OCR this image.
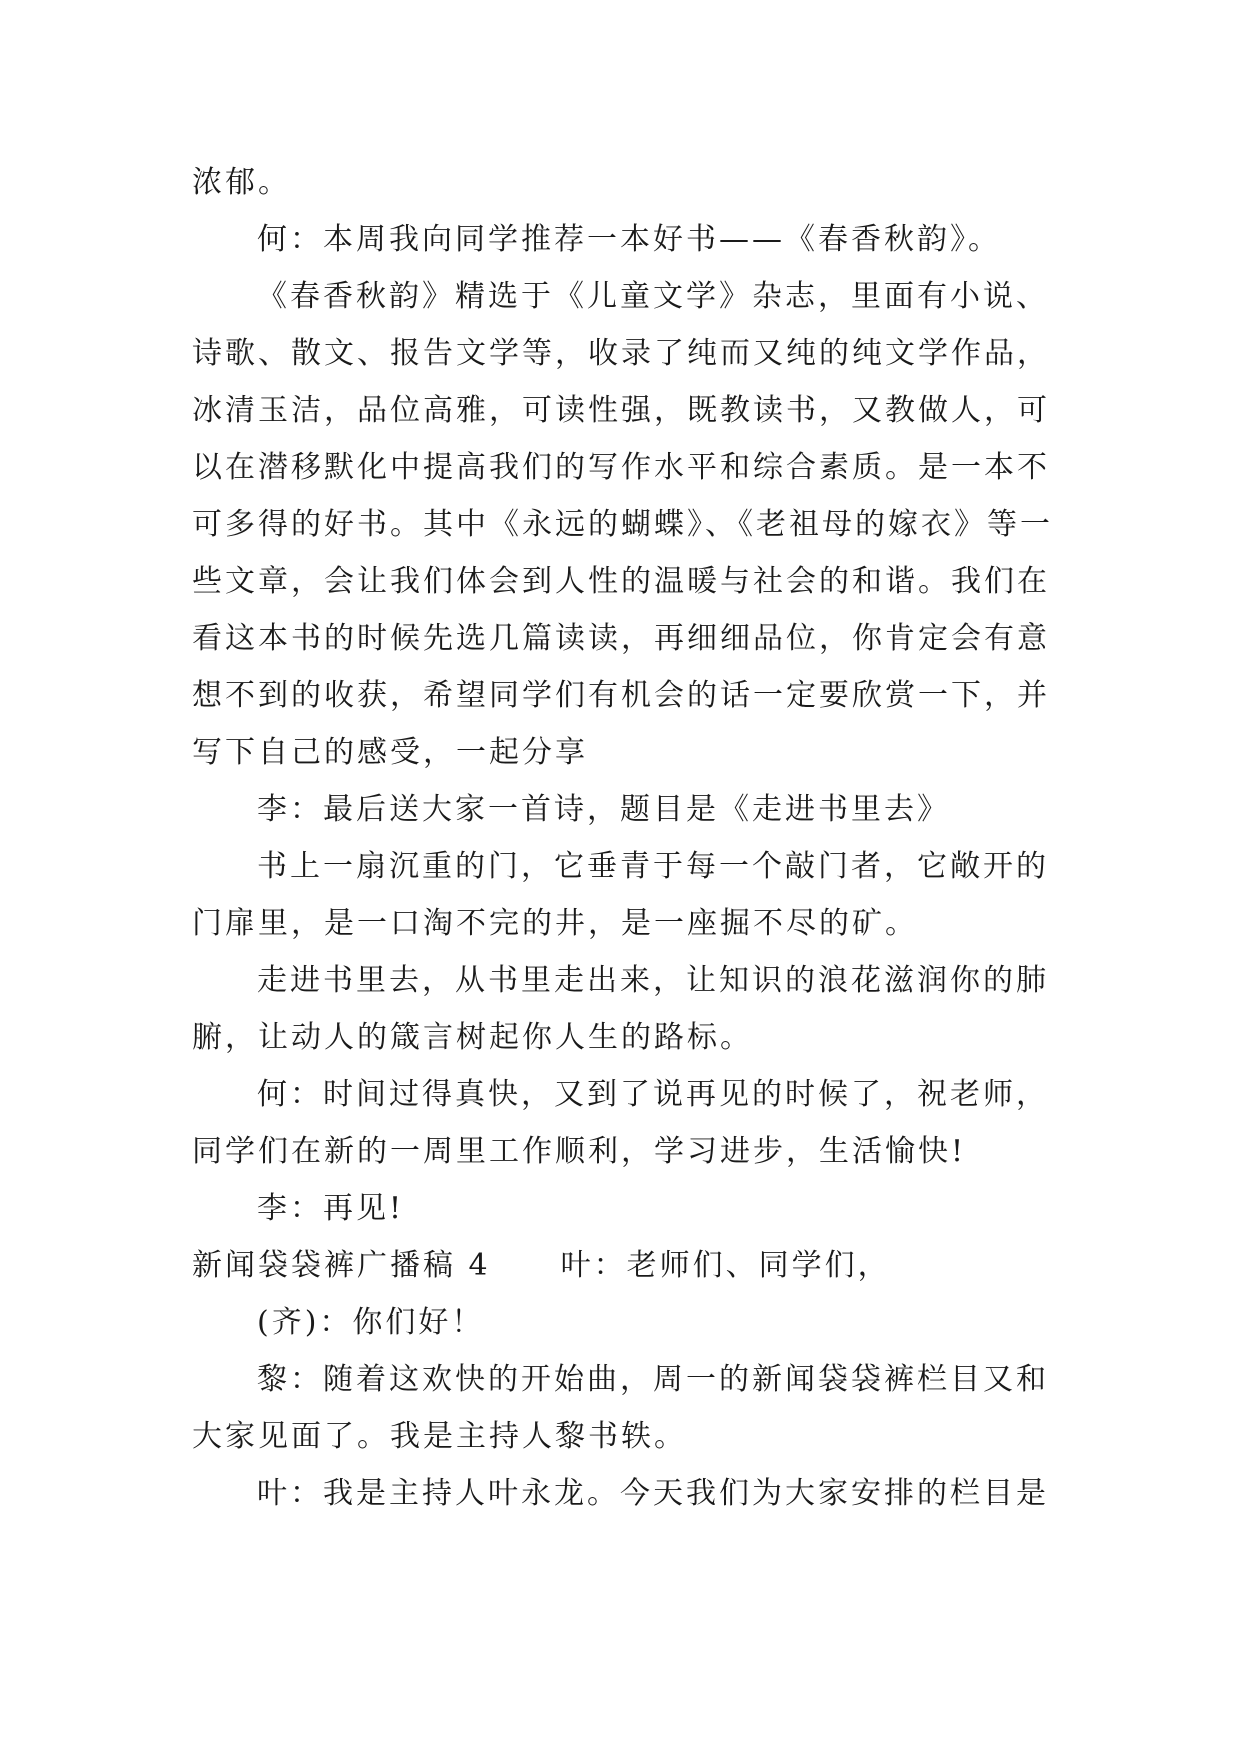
浓郁。
何：本周我向同学推荐一本好书——《春香秋韵》。
《春香秋韵》精选于《儿童文学》杂志，里面有小说、
诗歌、散文、报告文学等，收录了纯而又纯的纯文学作品，
冰清玉洁，品位高雅，可读性强，既教读书，又教做人，可
以在潜移默化中提高我们的写作水平和综合素质。是一本不
可多得的好书。其中《永远的蝴蝶》、《老祖母的嫁衣》等一
些文章，会让我们体会到人性的温暖与社会的和谐。我们在
看这本书的时候先选几篇读读，再细细品位，你肯定会有意
想不到的收获，希望同学们有机会的话一定要欣赏一下，并
写下自己的感受，一起分享
李：最后送大家一首诗，题目是《走进书里去》
书上一扇沉重的门，它垂青于每一个敲门者，它敞开的
门扉里，是一口淘不完的井，是一座掘不尽的矿。
走进书里去，从书里走出来，让知识的浪花滋润你的肺
腑，让动人的箴言树起你人生的路标。
何：时间过得真快，又到了说再见的时候了，祝老师，
同学们在新的一周里工作顺利，学习进步，生活愉快!
李：再见!
新闻袋袋裤广播稿 4 叶：老师们、同学们，
(齐)：你们好！
黎：随着这欢快的开始曲，周一的新闻袋袋裤栏目又和
大家见面了。我是主持人黎书轶。
叶：我是主持人叶永龙。今天我们为大家安排的栏目是
